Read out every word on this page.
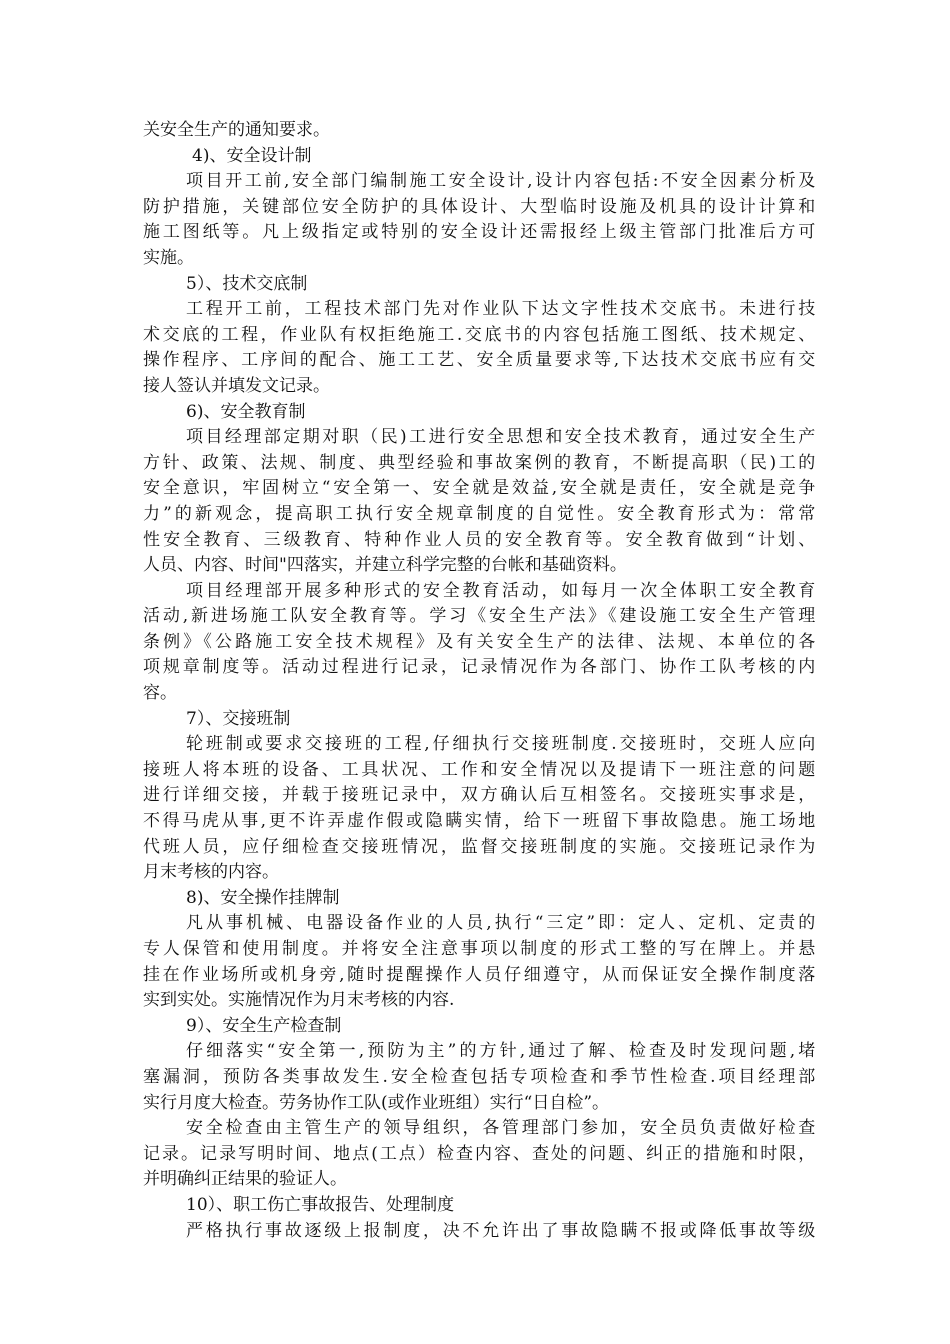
关安全生产的通知要求。
4)、安全设计制
项目开工前,安全部门编制施工安全设计,设计内容包括:不安全因素分析及
防护措施，关键部位安全防护的具体设计、大型临时设施及机具的设计计算和
施工图纸等。凡上级指定或特别的安全设计还需报经上级主管部门批准后方可
实施。
5）、技术交底制
工程开工前，工程技术部门先对作业队下达文字性技术交底书。未进行技
术交底的工程，作业队有权拒绝施工.交底书的内容包括施工图纸、技术规定、
操作程序、工序间的配合、施工工艺、安全质量要求等,下达技术交底书应有交
接人签认并填发文记录。
6)、安全教育制
项目经理部定期对职（民)工进行安全思想和安全技术教育，通过安全生产
方针、政策、法规、制度、典型经验和事故案例的教育，不断提高职（民)工的
安全意识，牢固树立“安全第一、安全就是效益,安全就是责任，安全就是竞争
力”的新观念，提高职工执行安全规章制度的自觉性。安全教育形式为：常常
性安全教育、三级教育、特种作业人员的安全教育等。安全教育做到“计划、
人员、内容、时间"四落实，并建立科学完整的台帐和基础资料。
项目经理部开展多种形式的安全教育活动，如每月一次全体职工安全教育
活动,新进场施工队安全教育等。学习《安全生产法》《建设施工安全生产管理
条例》《公路施工安全技术规程》及有关安全生产的法律、法规、本单位的各
项规章制度等。活动过程进行记录，记录情况作为各部门、协作工队考核的内
容。
7）、交接班制
轮班制或要求交接班的工程,仔细执行交接班制度.交接班时，交班人应向
接班人将本班的设备、工具状况、工作和安全情况以及提请下一班注意的问题
进行详细交接，并载于接班记录中，双方确认后互相签名。交接班实事求是，
不得马虎从事,更不许弄虚作假或隐瞒实情，给下一班留下事故隐患。施工场地
代班人员，应仔细检查交接班情况，监督交接班制度的实施。交接班记录作为
月末考核的内容。
8)、安全操作挂牌制
凡从事机械、电器设备作业的人员,执行“三定”即：定人、定机、定责的
专人保管和使用制度。并将安全注意事项以制度的形式工整的写在牌上。并悬
挂在作业场所或机身旁,随时提醒操作人员仔细遵守，从而保证安全操作制度落
实到实处。实施情况作为月末考核的内容.
9）、安全生产检查制
仔细落实“安全第一,预防为主”的方针,通过了解、检查及时发现问题,堵
塞漏洞，预防各类事故发生.安全检查包括专项检查和季节性检查.项目经理部
实行月度大检查。劳务协作工队(或作业班组）实行“日自检”。
安全检查由主管生产的领导组织，各管理部门参加，安全员负责做好检查
记录。记录写明时间、地点(工点）检查内容、查处的问题、纠正的措施和时限，
并明确纠正结果的验证人。
10）、职工伤亡事故报告、处理制度
严格执行事故逐级上报制度，决不允许出了事故隐瞒不报或降低事故等级
